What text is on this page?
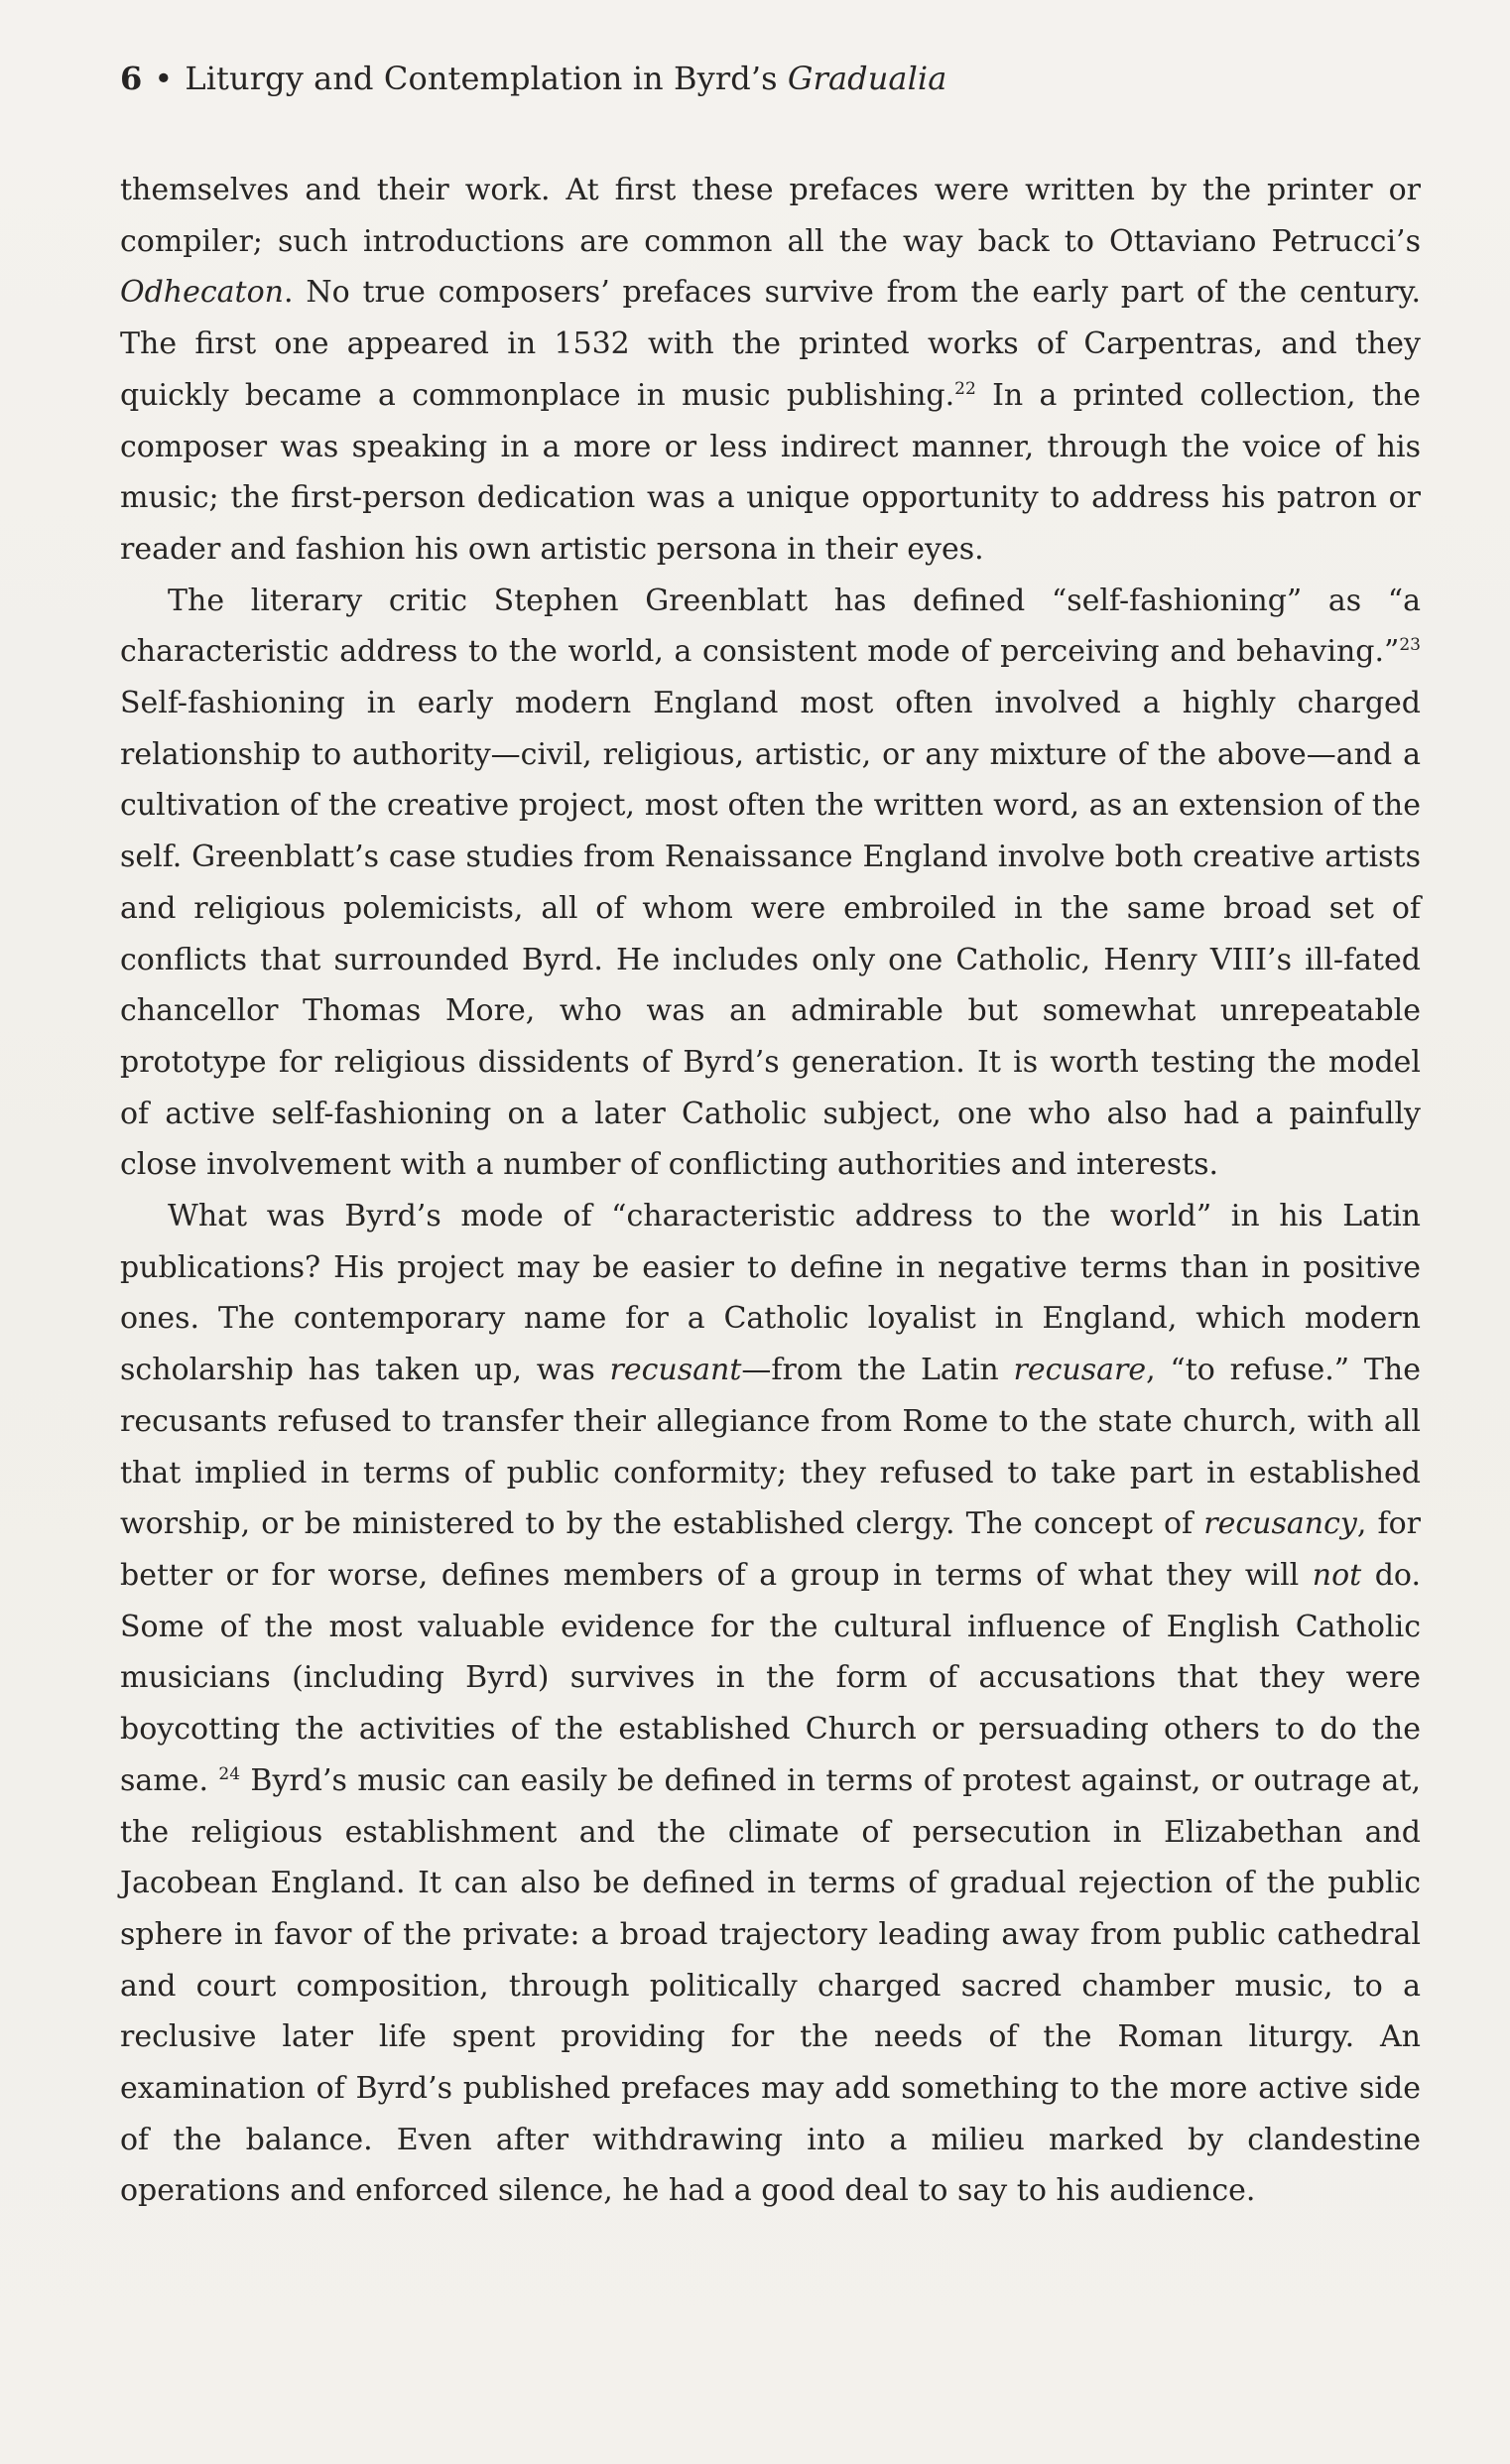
6 • Liturgy and Contemplation in Byrd’s Gradualia

themselves and their work. At first these prefaces were written by the printer or compiler; such introductions are common all the way back to Ottaviano Petrucci’s Odhecaton. No true composers’ prefaces survive from the early part of the century. The first one appeared in 1532 with the printed works of Carpentras, and they quickly became a commonplace in music publishing.$^{22}$ In a printed collection, the composer was speaking in a more or less indirect manner, through the voice of his music; the first-person dedication was a unique opportunity to address his patron or reader and fashion his own artistic persona in their eyes.

The literary critic Stephen Greenblatt has defined “self-fashioning” as “a characteristic address to the world, a consistent mode of perceiving and behaving.”$^{23}$ Self-fashioning in early modern England most often involved a highly charged relationship to authority—civil, religious, artistic, or any mixture of the above—and a cultivation of the creative project, most often the written word, as an extension of the self. Greenblatt’s case studies from Renaissance England involve both creative artists and religious polemicists, all of whom were embroiled in the same broad set of conflicts that surrounded Byrd. He includes only one Catholic, Henry VIII’s ill-fated chancellor Thomas More, who was an admirable but somewhat unrepeatable prototype for religious dissidents of Byrd’s generation. It is worth testing the model of active self-fashioning on a later Catholic subject, one who also had a painfully close involvement with a number of conflicting authorities and interests.

What was Byrd’s mode of “characteristic address to the world” in his Latin publications? His project may be easier to define in negative terms than in positive ones. The contemporary name for a Catholic loyalist in England, which modern scholarship has taken up, was recusant—from the Latin recusare, “to refuse.” The recusants refused to transfer their allegiance from Rome to the state church, with all that implied in terms of public conformity; they refused to take part in established worship, or be ministered to by the established clergy. The concept of recusancy, for better or for worse, defines members of a group in terms of what they will not do. Some of the most valuable evidence for the cultural influence of English Catholic musicians (including Byrd) survives in the form of accusations that they were boycotting the activities of the established Church or persuading others to do the same. $^{24}$ Byrd’s music can easily be defined in terms of protest against, or outrage at, the religious establishment and the climate of persecution in Elizabethan and Jacobean England. It can also be defined in terms of gradual rejection of the public sphere in favor of the private: a broad trajectory leading away from public cathedral and court composition, through politically charged sacred chamber music, to a reclusive later life spent providing for the needs of the Roman liturgy. An examination of Byrd’s published prefaces may add something to the more active side of the balance. Even after withdrawing into a milieu marked by clandestine operations and enforced silence, he had a good deal to say to his audience.
